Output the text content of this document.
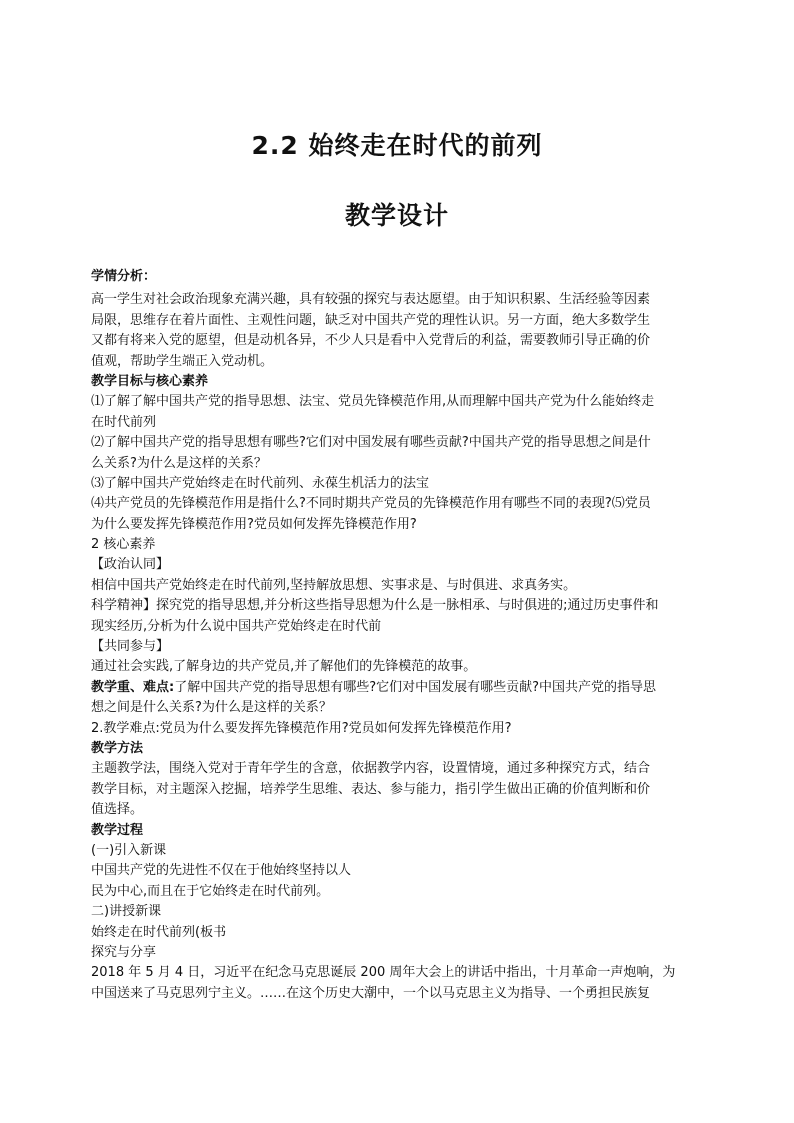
2.2 始终走在时代的前列
教学设计

学情分析：

高一学生对社会政治现象充满兴趣，具有较强的探究与表达愿望。由于知识积累、生活经验等因素

局限，思维存在着片面性、主观性问题，缺乏对中国共产党的理性认识。另一方面，绝大多数学生

又都有将来入党的愿望，但是动机各异，不少人只是看中入党背后的利益，需要教师引导正确的价

值观，帮助学生端正入党动机。

教学目标与核心素养

⑴了解了解中国共产党的指导思想、法宝、党员先锋模范作用,从而理解中国共产党为什么能始终走

在时代前列

⑵了解中国共产党的指导思想有哪些?它们对中国发展有哪些贡献?中国共产党的指导思想之间是什

么关系?为什么是这样的关系？

⑶了解中国共产党始终走在时代前列、永葆生机活力的法宝

⑷共产党员的先锋模范作用是指什么?不同时期共产党员的先锋模范作用有哪些不同的表现?⑸党员

为什么要发挥先锋模范作用?党员如何发挥先锋模范作用?

2 核心素养

【政治认同】

相信中国共产党始终走在时代前列,坚持解放思想、实事求是、与时俱进、求真务实。

科学精神】探究党的指导思想,并分析这些指导思想为什么是一脉相承、与时俱进的;通过历史事件和

现实经历,分析为什么说中国共产党始终走在时代前

【共同参与】

通过社会实践,了解身边的共产党员,并了解他们的先锋模范的故事。

教学重、难点:了解中国共产党的指导思想有哪些?它们对中国发展有哪些贡献?中国共产党的指导思

想之间是什么关系?为什么是这样的关系？

2.教学难点:党员为什么要发挥先锋模范作用?党员如何发挥先锋模范作用?

教学方法

主题教学法，围绕入党对于青年学生的含意，依据教学内容，设置情境，通过多种探究方式，结合

教学目标，对主题深入挖掘，培养学生思维、表达、参与能力，指引学生做出正确的价值判断和价

值选择。

教学过程

(一)引入新课

中国共产党的先进性不仅在于他始终坚持以人

民为中心,而且在于它始终走在时代前列。

二)讲授新课

始终走在时代前列(板书

探究与分享

2018 年 5 月 4 日，习近平在纪念马克思诞辰 200 周年大会上的讲话中指出，十月革命一声炮响，为

中国送来了马克思列宁主义。……在这个历史大潮中，一个以马克思主义为指导、一个勇担民族复
